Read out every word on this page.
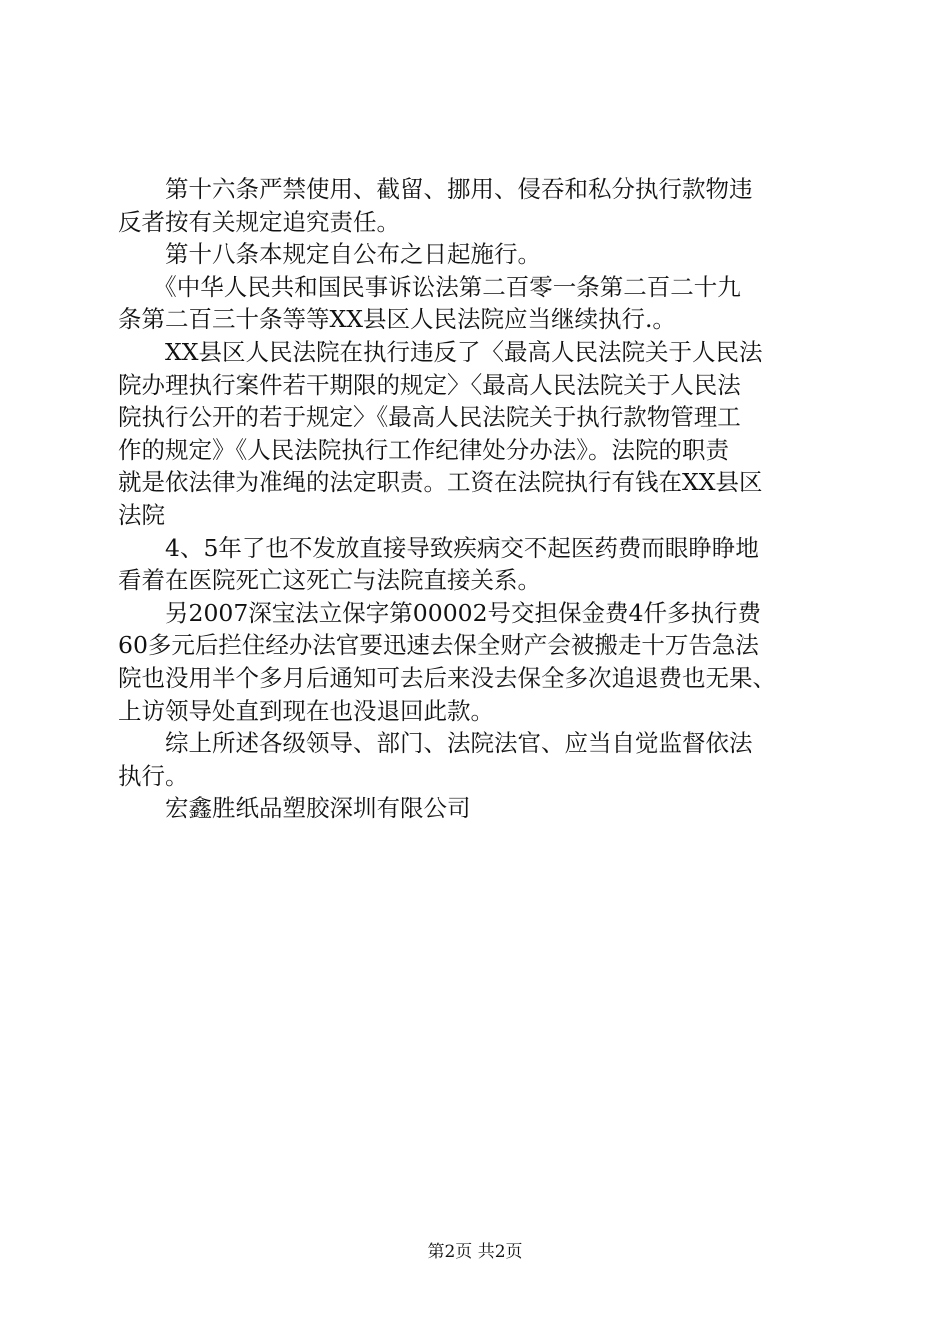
　　第十六条严禁使用、截留、挪用、侵吞和私分执行款物违
反者按有关规定追究责任。
　　第十八条本规定自公布之日起施行。
　　《中华人民共和国民事诉讼法第二百零一条第二百二十九
条第二百三十条等等XX县区人民法院应当继续执行.。
　　XX县区人民法院在执行违反了〈最高人民法院关于人民法
院办理执行案件若干期限的规定〉〈最高人民法院关于人民法
院执行公开的若于规定〉《最高人民法院关于执行款物管理工
作的规定》《人民法院执行工作纪律处分办法》。法院的职责
就是依法律为准绳的法定职责。工资在法院执行有钱在XX县区
法院
　　4、5年了也不发放直接导致疾病交不起医药费而眼睁睁地
看着在医院死亡这死亡与法院直接关系。
　　另2007深宝法立保字第00002号交担保金费4仟多执行费
60多元后拦住经办法官要迅速去保全财产会被搬走十万告急法
院也没用半个多月后通知可去后来没去保全多次追退费也无果、
上访领导处直到现在也没退回此款。
　　综上所述各级领导、部门、法院法官、应当自觉监督依法
执行。
　　宏鑫胜纸品塑胶深圳有限公司
第2页 共2页
